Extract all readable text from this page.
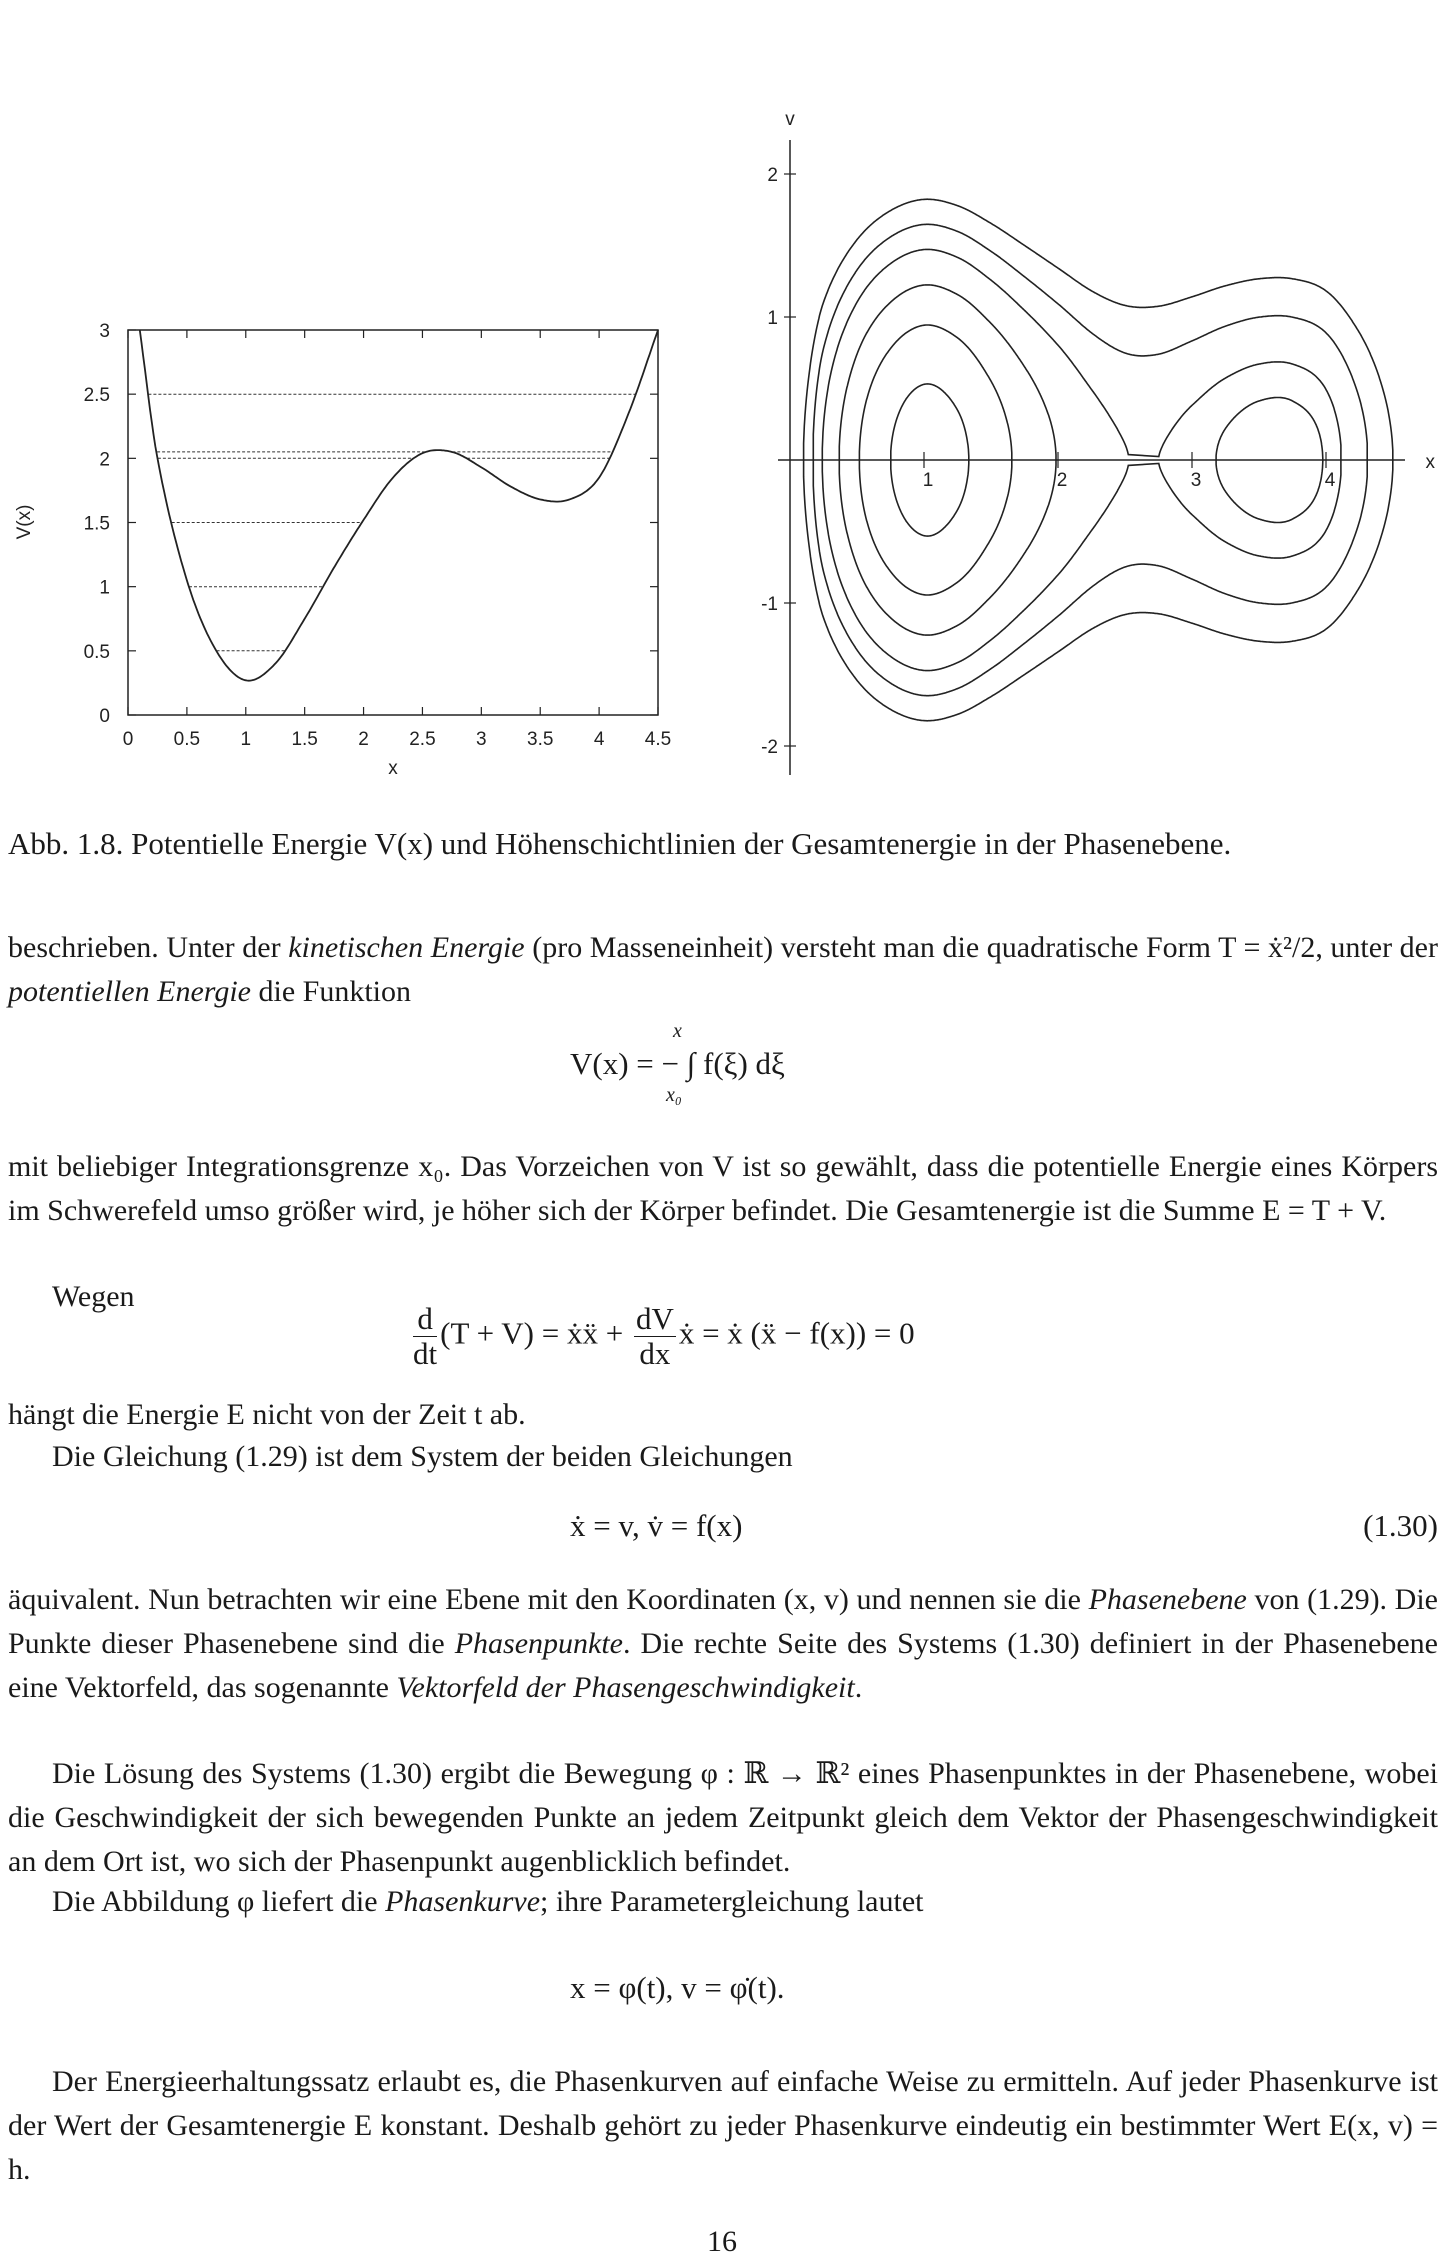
0 0.5 1 1.5 2 2.5 3 3.5 4 4.5
0
0.5
1
1.5
2
2.5
3
x
V(x)
1	2	3	4
2
1
-1
-2
v
x
Abb. 1.8. Potentielle Energie V(x) und Höhenschichtlinien der Gesamtenergie in der Phasenebene.
beschrieben. Unter der kinetischen Energie (pro Masseneinheit) versteht man die quadratische Form T = ẋ²/2, unter der potentiellen Energie die Funktion
V(x) = − ∫ f(ξ) dξ
x
x₀
mit beliebiger Integrationsgrenze x₀. Das Vorzeichen von V ist so gewählt, dass die potentielle Energie eines Körpers im Schwerefeld umso größer wird, je höher sich der Körper befindet. Die Gesamtenergie ist die Summe E = T + V.
Wegen
$\frac{d}{dt} (T + V)$ = ẋẍ + $\frac{dV}{dx}$ ẋ = ẋ (ẍ − f(x)) = 0
hängt die Energie E nicht von der Zeit t ab.
Die Gleichung (1.29) ist dem System der beiden Gleichungen
ẋ = v, v̇ = f(x)	(1.30)
äquivalent. Nun betrachten wir eine Ebene mit den Koordinaten (x, v) und nennen sie die Phasenebene von (1.29). Die Punkte dieser Phasenebene sind die Phasenpunkte. Die rechte Seite des Systems (1.30) definiert in der Phasenebene eine Vektorfeld, das sogenannte Vektorfeld der Phasengeschwindigkeit.
Die Lösung des Systems (1.30) ergibt die Bewegung φ : ℝ → ℝ² eines Phasenpunktes in der Phasenebene, wobei die Geschwindigkeit der sich bewegenden Punkte an jedem Zeitpunkt gleich dem Vektor der Phasengeschwindigkeit an dem Ort ist, wo sich der Phasenpunkt augenblicklich befindet.
Die Abbildung φ liefert die Phasenkurve; ihre Parametergleichung lautet
x = φ(t), v = φ̇(t).
Der Energieerhaltungssatz erlaubt es, die Phasenkurven auf einfache Weise zu ermitteln. Auf jeder Phasenkurve ist der Wert der Gesamtenergie E konstant. Deshalb gehört zu jeder Phasenkurve eindeutig ein bestimmter Wert E(x, v) = h.
16
